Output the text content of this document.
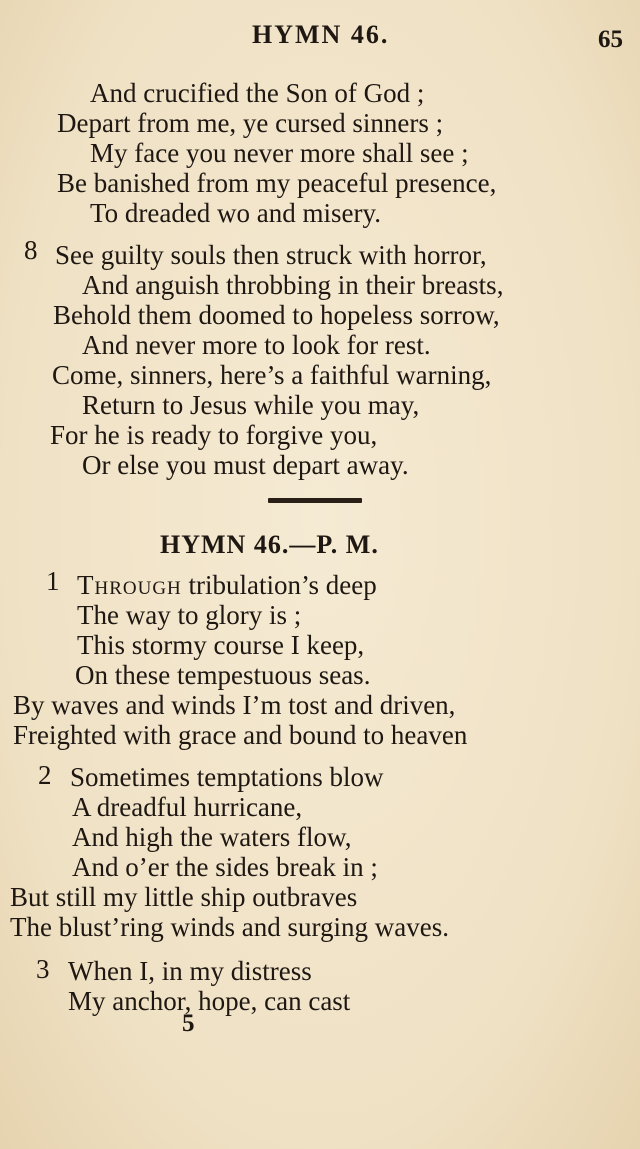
HYMN 46.	65
And crucified the Son of God ;
Depart from me, ye cursed sinners ;
My face you never more shall see ;
Be banished from my peaceful presence,
To dreaded wo and misery.
8 See guilty souls then struck with horror,
And anguish throbbing in their breasts,
Behold them doomed to hopeless sorrow,
And never more to look for rest.
Come, sinners, here’s a faithful warning,
Return to Jesus while you may,
For he is ready to forgive you,
Or else you must depart away.
HYMN 46.—P. M.
1 Through tribulation’s deep
The way to glory is ;
This stormy course I keep,
On these tempestuous seas.
By waves and winds I’m tost and driven,
Freighted with grace and bound to heaven
2 Sometimes temptations blow
A dreadful hurricane,
And high the waters flow,
And o’er the sides break in ;
But still my little ship outbraves
The blust’ring winds and surging waves.
3 When I, in my distress
My anchor, hope, can cast
5
